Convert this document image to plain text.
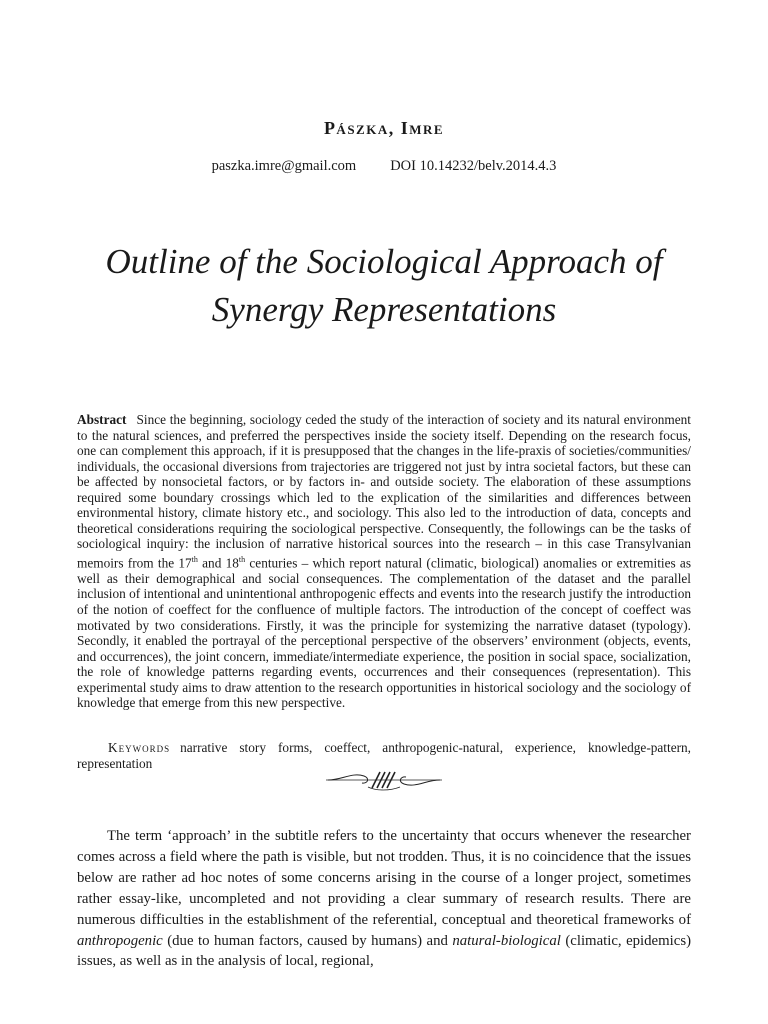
Pászka, Imre

paszka.imre@gmail.com DOI 10.14232/belv.2014.4.3

Outline of the Sociological Approach of
Synergy Representations

Abstract Since the beginning, sociology ceded the study of the interaction of society and its natural environment to the natural sciences, and preferred the perspectives inside the society itself. Depending on the research focus, one can complement this approach, if it is presupposed that the changes in the life-praxis of societies/communities/ individuals, the occasional diversions from trajectories are triggered not just by intra societal factors, but these can be affected by nonsocietal factors, or by factors in- and outside society. The elaboration of these assumptions required some boundary crossings which led to the explication of the similarities and differences between environmental history, climate history etc., and sociology. This also led to the introduction of data, concepts and theoretical considerations requiring the sociological perspective. Consequently, the followings can be the tasks of sociological inquiry: the inclusion of narrative historical sources into the research – in this case Transylvanian memoirs from the 17th and 18th centuries – which report natural (climatic, biological) anomalies or extremities as well as their demographical and social consequences. The complementation of the dataset and the parallel inclusion of intentional and unintentional anthropogenic effects and events into the research justify the introduction of the notion of coeffect for the confluence of multiple factors. The introduction of the concept of coeffect was motivated by two considerations. Firstly, it was the principle for systemizing the narrative dataset (typology). Secondly, it enabled the portrayal of the perceptional perspective of the observers’ environment (objects, events, and occurrences), the joint concern, immediate/intermediate experience, the position in social space, socialization, the role of knowledge patterns regarding events, occurrences and their consequences (representation). This experimental study aims to draw attention to the research opportunities in historical sociology and the sociology of knowledge that emerge from this new perspective.

Keywords narrative story forms, coeffect, anthropogenic-natural, experience, knowledge-pattern, representation

The term ‘approach’ in the subtitle refers to the uncertainty that occurs whenever the researcher comes across a field where the path is visible, but not trodden. Thus, it is no coincidence that the issues below are rather ad hoc notes of some concerns arising in the course of a longer project, sometimes rather essay-like, uncompleted and not providing a clear summary of research results. There are numerous difficulties in the establishment of the referential, conceptual and theoretical frameworks of anthropogenic (due to human factors, caused by humans) and natural-biological (climatic, epidemics) issues, as well as in the analysis of local, regional,
